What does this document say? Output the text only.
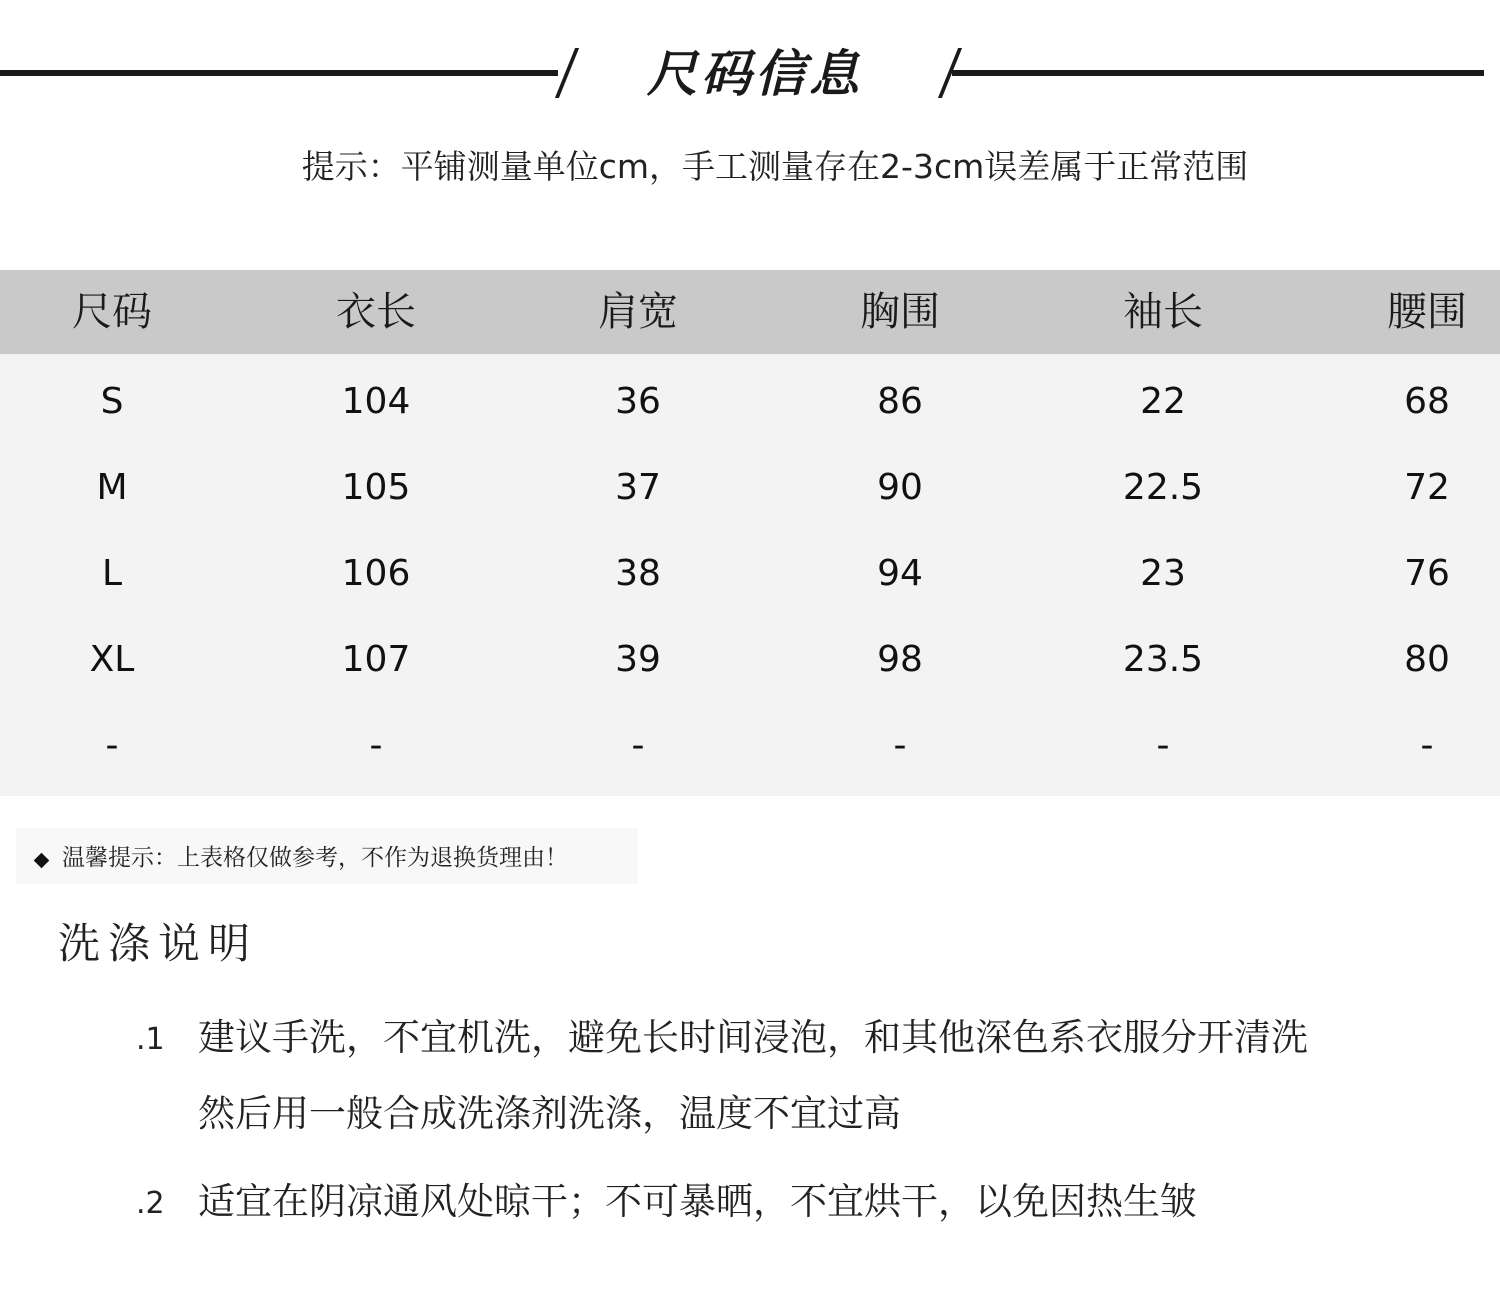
尺码信息
提示：平铺测量单位cm，手工测量存在2-3cm误差属于正常范围
尺码	衣长	肩宽	胸围	袖长	腰围
S	104	36	86	22	68
M	105	37	90	22.5	72
L	106	38	94	23	76
XL	107	39	98	23.5	80
-	-	-	-	-	-
温馨提示：上表格仅做参考，不作为退换货理由！
洗涤说明
.1 建议手洗，不宜机洗，避免长时间浸泡，和其他深色系衣服分开清洗
然后用一般合成洗涤剂洗涤，温度不宜过高
.2 适宜在阴凉通风处晾干；不可暴晒，不宜烘干，以免因热生皱
